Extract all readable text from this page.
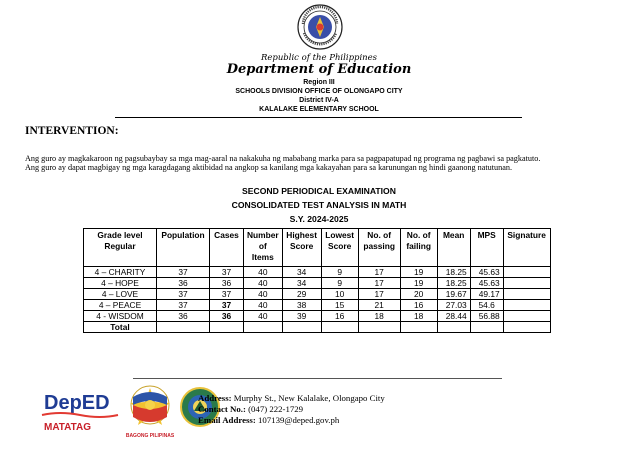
Republic of the Philippines
Department of Education
Region III
SCHOOLS DIVISION OFFICE OF OLONGAPO CITY
District IV-A
KALALAKE ELEMENTARY SCHOOL
INTERVENTION:
Ang guro ay magkakaroon ng pagsubaybay sa mga mag-aaral na nakakuha ng mababang marka para sa pagpapatupad ng programa ng pagbawi sa pagkatuto.
Ang guro ay dapat magbigay ng mga karagdagang aktibidad na angkop sa kanilang mga kakayahan para sa karunungan ng hindi gaanong natutunan.
SECOND PERIODICAL EXAMINATION
CONSOLIDATED TEST ANALYSIS IN MATH
S.Y. 2024-2025
Grade level Regular	Population	Cases	Number of Items	Highest Score	Lowest Score	No. of passing	No. of failing	Mean	MPS	Signature
4 – CHARITY	37	37	40	34	9	17	19	18.25	45.63	
4 – HOPE	36	36	40	34	9	17	19	18.25	45.63	
4 – LOVE	37	37	40	29	10	17	20	19.67	49.17	
4 – PEACE	37	37	40	38	15	21	16	27.03	54.6	
4 - WISDOM	36	36	40	39	16	18	18	28.44	56.88	
Total										
DepED
MATATAG
BAGONG PILIPINAS
Address: Murphy St., New Kalalake, Olongapo City
Contact No.: (047) 222-1729
Email Address: 107139@deped.gov.ph
